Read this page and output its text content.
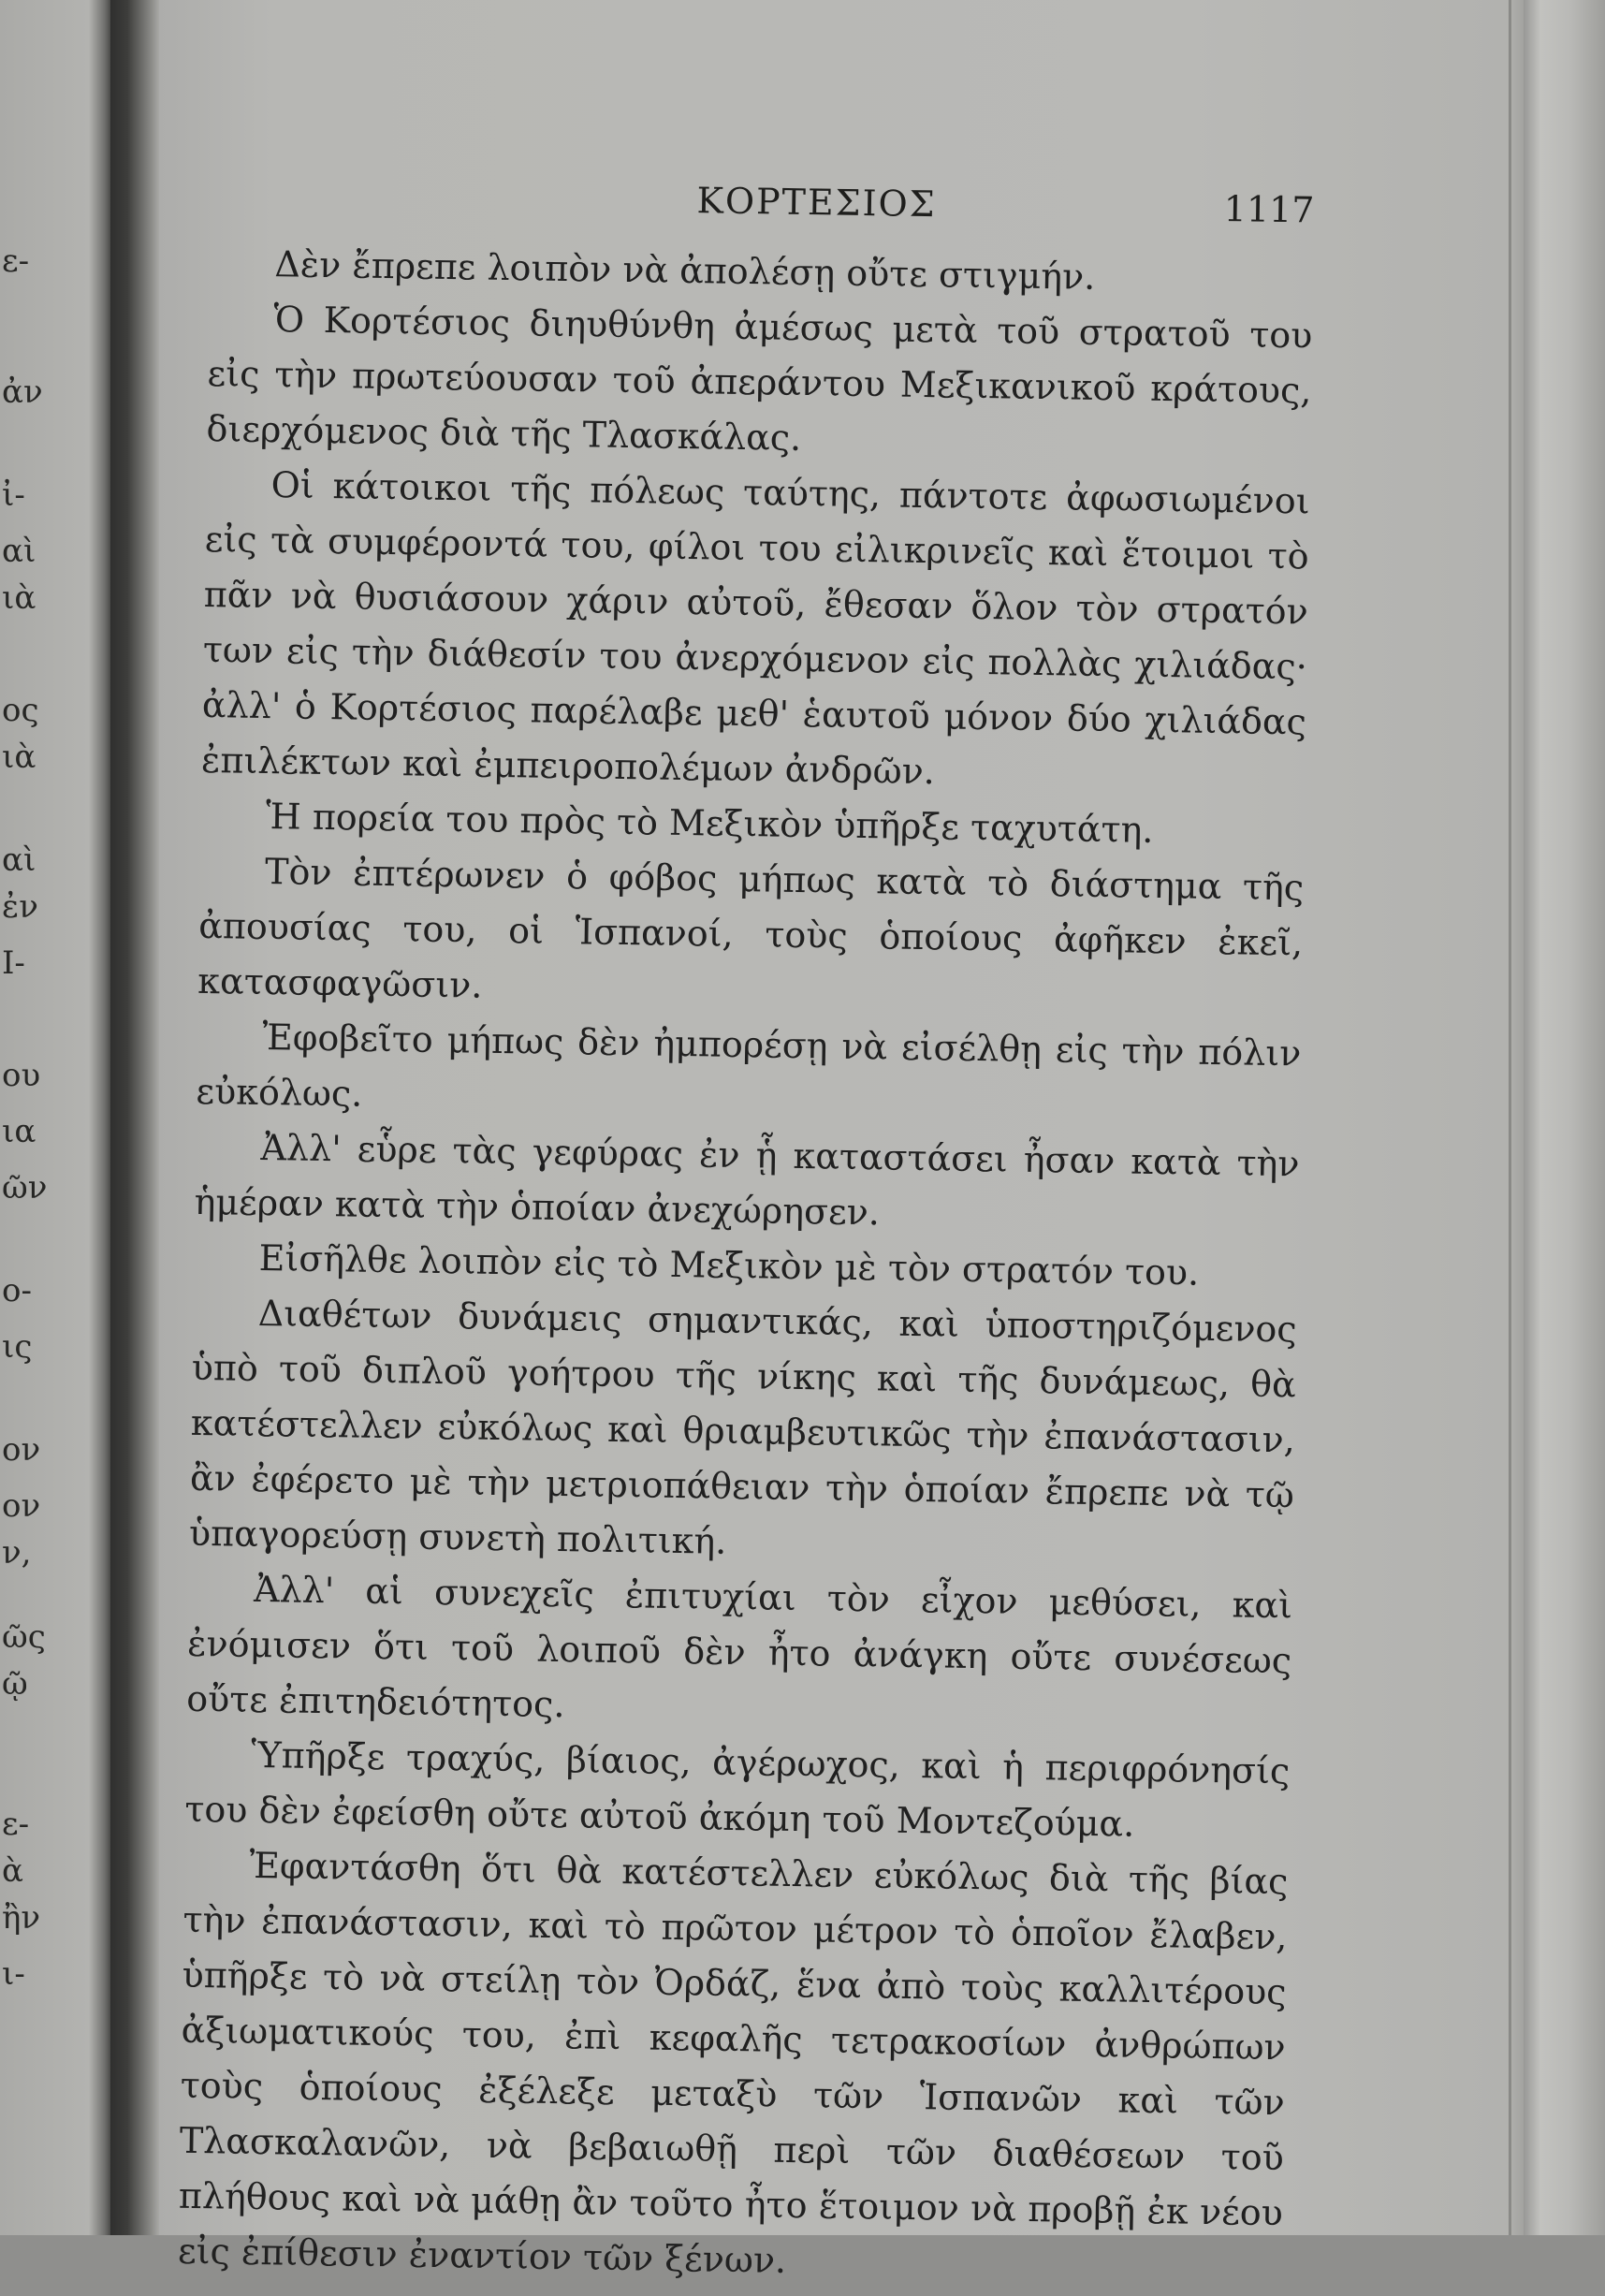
ε-
ἀν
ἰ-
αὶ
ιὰ
ος
ιὰ
αὶ
ἐν
Ι-
ου
ια
ῶν
ο-
ις
ον
ον
ν,
ῶς
ῷ
ε-
ὰ
ἢν
ι-
ΚΟΡΤΕΣΙΟΣ	1117

Δὲν ἔπρεπε λοιπὸν νὰ ἀπολέσῃ οὔτε στιγμήν.

Ὁ Κορτέσιος διηυθύνθη ἀμέσως μετὰ τοῦ στρατοῦ του εἰς τὴν πρωτεύουσαν τοῦ ἀπεράντου Μεξικανικοῦ κράτους, διερχόμενος διὰ τῆς Τλασκάλας.

Οἱ κάτοικοι τῆς πόλεως ταύτης, πάντοτε ἀφωσιωμένοι εἰς τὰ συμφέροντά του, φίλοι του εἰλικρινεῖς καὶ ἕτοιμοι τὸ πᾶν νὰ θυσιάσουν χάριν αὐτοῦ, ἔθεσαν ὅλον τὸν στρατόν των εἰς τὴν διάθεσίν του ἀνερχόμενον εἰς πολλὰς χιλιάδας· ἀλλ' ὁ Κορτέσιος παρέλαβε μεθ' ἑαυτοῦ μόνον δύο χιλιάδας ἐπιλέκτων καὶ ἐμπειροπολέμων ἀνδρῶν.

Ἡ πορεία του πρὸς τὸ Μεξικὸν ὑπῆρξε ταχυτάτη.

Τὸν ἐπτέρωνεν ὁ φόβος μήπως κατὰ τὸ διάστημα τῆς ἀπουσίας του, οἱ Ἱσπανοί, τοὺς ὁποίους ἀφῆκεν ἐκεῖ, κατασφαγῶσιν.

Ἐφοβεῖτο μήπως δὲν ἠμπορέσῃ νὰ εἰσέλθῃ εἰς τὴν πόλιν εὐκόλως.

Ἀλλ' εὗρε τὰς γεφύρας ἐν ᾗ καταστάσει ἦσαν κατὰ τὴν ἡμέραν κατὰ τὴν ὁποίαν ἀνεχώρησεν.

Εἰσῆλθε λοιπὸν εἰς τὸ Μεξικὸν μὲ τὸν στρατόν του.

Διαθέτων δυνάμεις σημαντικάς, καὶ ὑποστηριζόμενος ὑπὸ τοῦ διπλοῦ γοήτρου τῆς νίκης καὶ τῆς δυνάμεως, θὰ κατέστελλεν εὐκόλως καὶ θριαμβευτικῶς τὴν ἐπανάστασιν, ἂν ἐφέρετο μὲ τὴν μετριοπάθειαν τὴν ὁποίαν ἔπρεπε νὰ τῷ ὑπαγορεύσῃ συνετὴ πολιτική.

Ἀλλ' αἱ συνεχεῖς ἐπιτυχίαι τὸν εἶχον μεθύσει, καὶ ἐνόμισεν ὅτι τοῦ λοιποῦ δὲν ἦτο ἀνάγκη οὔτε συνέσεως οὔτε ἐπιτηδειότητος.

Ὑπῆρξε τραχύς, βίαιος, ἀγέρωχος, καὶ ἡ περιφρόνησίς του δὲν ἐφείσθη οὔτε αὐτοῦ ἀκόμη τοῦ Μοντεζούμα.

Ἐφαντάσθη ὅτι θὰ κατέστελλεν εὐκόλως διὰ τῆς βίας τὴν ἐπανάστασιν, καὶ τὸ πρῶτον μέτρον τὸ ὁποῖον ἔλαβεν, ὑπῆρξε τὸ νὰ στείλῃ τὸν Ὀρδάζ, ἕνα ἀπὸ τοὺς καλλιτέρους ἀξιωματικούς του, ἐπὶ κεφαλῆς τετρακοσίων ἀνθρώπων τοὺς ὁποίους ἐξέλεξε μεταξὺ τῶν Ἱσπανῶν καὶ τῶν Τλασκαλανῶν, νὰ βεβαιωθῇ περὶ τῶν διαθέσεων τοῦ πλήθους καὶ νὰ μάθῃ ἂν τοῦτο ἦτο ἕτοιμον νὰ προβῇ ἐκ νέου εἰς ἐπίθεσιν ἐναντίον τῶν ξένων.
